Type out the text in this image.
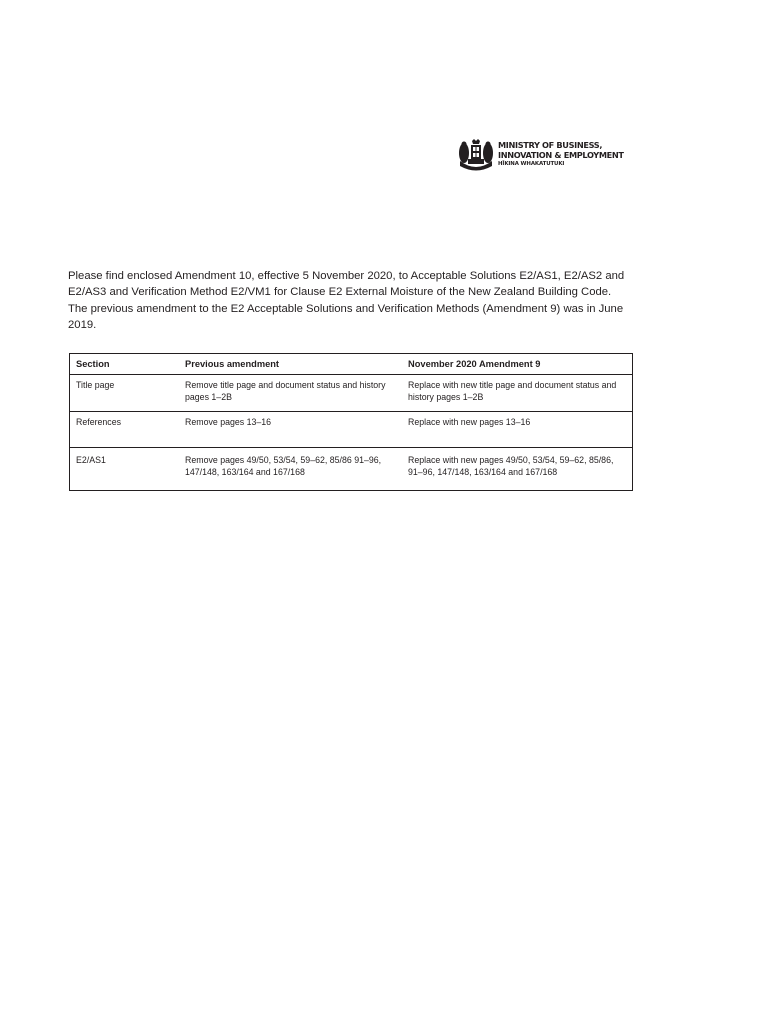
MINISTRY OF BUSINESS,
INNOVATION & EMPLOYMENT
HĪKINA WHAKATUTUKI

Please find enclosed Amendment 10, effective 5 November 2020, to Acceptable Solutions E2/AS1, E2/AS2 and E2/AS3 and Verification Method E2/VM1 for Clause E2 External Moisture of the New Zealand Building Code. The previous amendment to the E2 Acceptable Solutions and Verification Methods (Amendment 9) was in June 2019.

Section	Previous amendment	November 2020 Amendment 9
Title page	Remove title page and document status and history pages 1–2B	Replace with new title page and document status and history pages 1–2B
References	Remove pages 13–16	Replace with new pages 13–16
E2/AS1	Remove pages 49/50, 53/54, 59–62, 85/86 91–96, 147/148, 163/164 and 167/168	Replace with new pages 49/50, 53/54, 59–62, 85/86, 91–96, 147/148, 163/164 and 167/168
